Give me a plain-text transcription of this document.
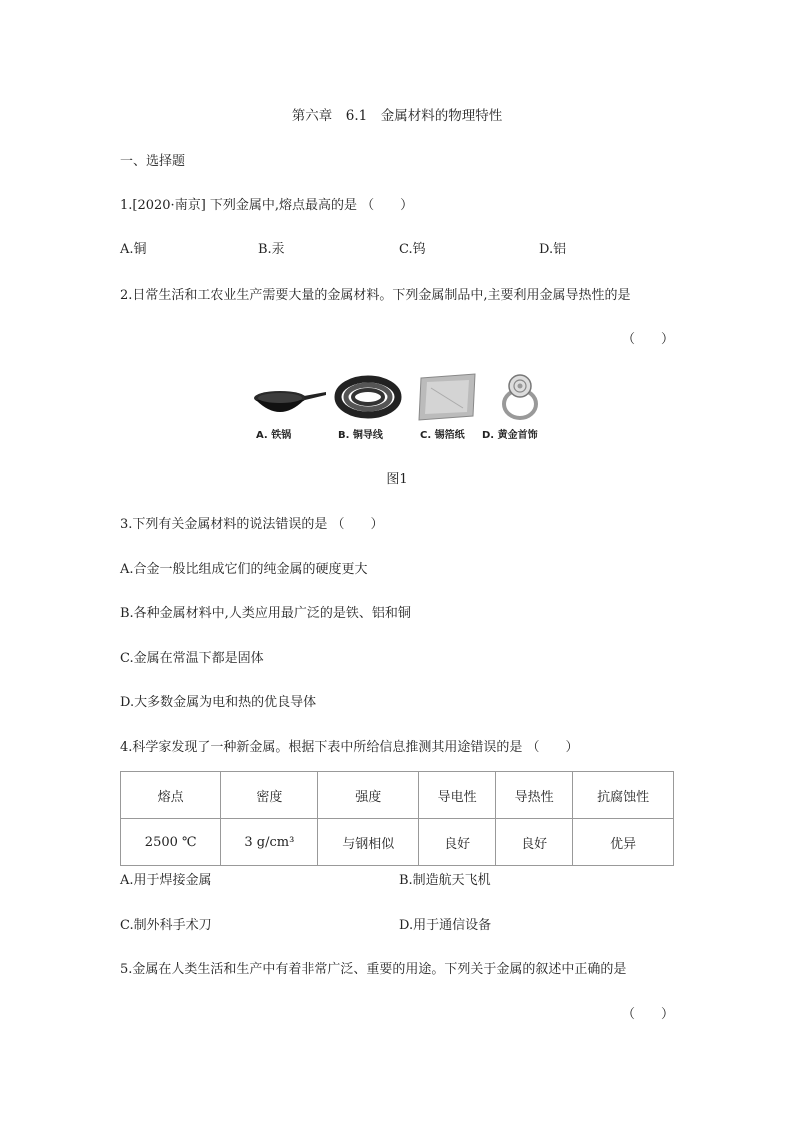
第六章　6.1　金属材料的物理特性
一、选择题
1.[2020·南京] 下列金属中,熔点最高的是 （　　）
A.铜	B.汞	C.钨	D.铝
2.日常生活和工农业生产需要大量的金属材料。下列金属制品中,主要利用金属导热性的是
（　　）
A. 铁锅	B. 铜导线	C. 锡箔纸 D. 黄金首饰
图1
3.下列有关金属材料的说法错误的是 （　　）
A.合金一般比组成它们的纯金属的硬度更大
B.各种金属材料中,人类应用最广泛的是铁、铝和铜
C.金属在常温下都是固体
D.大多数金属为电和热的优良导体
4.科学家发现了一种新金属。根据下表中所给信息推测其用途错误的是 （　　）
熔点	密度	强度	导电性	导热性	抗腐蚀性
2500 ℃	3 g/cm³	与钢相似	良好	良好	优异
A.用于焊接金属	B.制造航天飞机
C.制外科手术刀	D.用于通信设备
5.金属在人类生活和生产中有着非常广泛、重要的用途。下列关于金属的叙述中正确的是
（　　）
